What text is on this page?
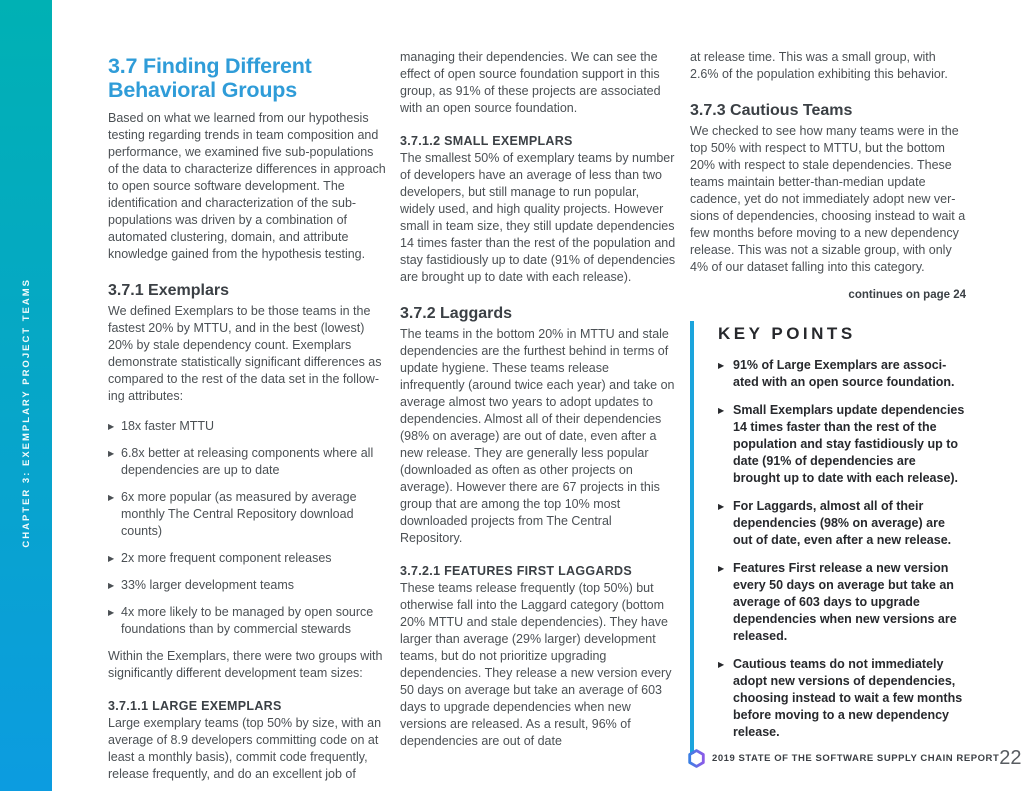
CHAPTER 3: EXEMPLARY PROJECT TEAMS
3.7 Finding Different Behavioral Groups

Based on what we learned from our hypothesis testing regarding trends in team composition and performance, we examined five sub-populations of the data to characterize differences in approach to open source software development. The identification and characterization of the sub-populations was driven by a combination of automated clustering, domain, and attribute knowledge gained from the hypothesis testing.

3.7.1 Exemplars

We defined Exemplars to be those teams in the fastest 20% by MTTU, and in the best (lowest) 20% by stale dependency count. Exemplars demonstrate statistically significant differences as compared to the rest of the data set in the following attributes:

▶ 18x faster MTTU
▶ 6.8x better at releasing components where all dependencies are up to date
▶ 6x more popular (as measured by average monthly The Central Repository download counts)
▶ 2x more frequent component releases
▶ 33% larger development teams
▶ 4x more likely to be managed by open source foundations than by commercial stewards

Within the Exemplars, there were two groups with significantly different development team sizes:

3.7.1.1 LARGE EXEMPLARS

Large exemplary teams (top 50% by size, with an average of 8.9 developers committing code on at least a monthly basis), commit code frequently, release frequently, and do an excellent job of

managing their dependencies. We can see the effect of open source foundation support in this group, as 91% of these projects are associated with an open source foundation.

3.7.1.2 SMALL EXEMPLARS

The smallest 50% of exemplary teams by number of developers have an average of less than two developers, but still manage to run popular, widely used, and high quality projects. However small in team size, they still update dependencies 14 times faster than the rest of the population and stay fastidiously up to date (91% of dependencies are brought up to date with each release).

3.7.2 Laggards

The teams in the bottom 20% in MTTU and stale dependencies are the furthest behind in terms of update hygiene. These teams release infrequently (around twice each year) and take on average almost two years to adopt updates to dependencies. Almost all of their dependencies (98% on average) are out of date, even after a new release. They are generally less popular (downloaded as often as other projects on average). However there are 67 projects in this group that are among the top 10% most downloaded projects from The Central Repository.

3.7.2.1 FEATURES FIRST LAGGARDS

These teams release frequently (top 50%) but otherwise fall into the Laggard category (bottom 20% MTTU and stale dependencies). They have larger than average (29% larger) development teams, but do not prioritize upgrading dependencies. They release a new version every 50 days on average but take an average of 603 days to upgrade dependencies when new versions are released. As a result, 96% of dependencies are out of date

at release time. This was a small group, with 2.6% of the population exhibiting this behavior.

3.7.3 Cautious Teams

We checked to see how many teams were in the top 50% with respect to MTTU, but the bottom 20% with respect to stale dependencies. These teams maintain better-than-median update cadence, yet do not immediately adopt new versions of dependencies, choosing instead to wait a few months before moving to a new dependency release. This was not a sizable group, with only 4% of our dataset falling into this category.

continues on page 24
KEY POINTS
▶ 91% of Large Exemplars are associated with an open source foundation.
▶ Small Exemplars update dependencies 14 times faster than the rest of the population and stay fastidiously up to date (91% of dependencies are brought up to date with each release).
▶ For Laggards, almost all of their dependencies (98% on average) are out of date, even after a new release.
▶ Features First release a new version every 50 days on average but take an average of 603 days to upgrade dependencies when new versions are released.
▶ Cautious teams do not immediately adopt new versions of dependencies, choosing instead to wait a few months before moving to a new dependency release.
2019 STATE OF THE SOFTWARE SUPPLY CHAIN REPORT 22
